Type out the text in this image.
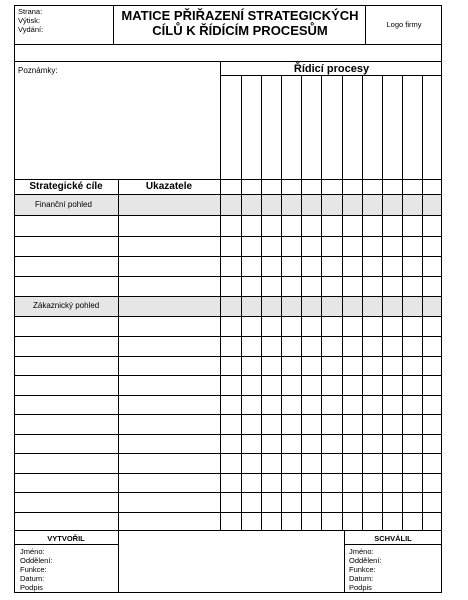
Strana:
Výtisk:
Vydání:
MATICE PŘIŘAZENÍ STRATEGICKÝCH
CÍLŮ K ŘÍDÍCÍM PROCESŮM	Logo firmy
Poznámky:	Řídicí procesy
Strategické cíle	Ukazatele
Finanční pohled
Zákaznický pohled
VYTVOŘIL
Jméno:
Oddělení:
Funkce:
Datum:
Podpis
SCHVÁLIL
Jméno:
Oddělení:
Funkce:
Datum:
Podpis
